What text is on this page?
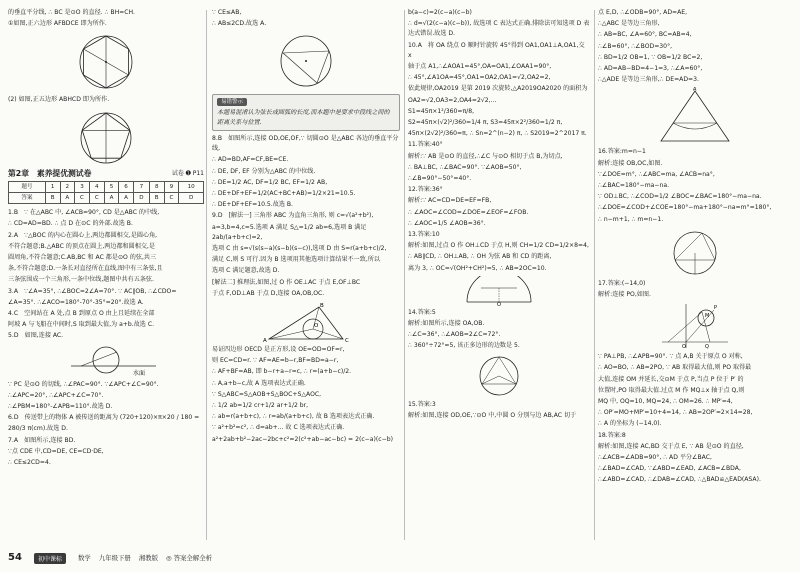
的垂直平分线, ∴ BC 是⊙O 的直径. ∴ BH=CH.

①如图,正六边形 AFBDCE 即为所作.

(2) 如图,正五边形 ABHCD 即为所作.

第2章　素养提优测试卷	试卷 ➊ P11
题号	1	2	3	4	5	6	7	8	9	10
答案	B	A	C	C	A	A	D	B	C	D

1.B　∵ 在△ABC 中, ∠ACB=90°, CD 是△ABC 的中线,

∴ CD=AD=BD. ∴ 点 D 在⊙C 的外部.故选 B.

2.A　∵△BOC 的内心在圆心上,两边都圆相交,是圆心角,

不符合题意;B.△ABC 的顶点在圆上,两边都和圆相交,是

圆周角,不符合题意;C.AB,BC 和 AC 都是⊙O 的弦,共三

条,不符合题意;D.一条长对直径所在直线,图中有三条弦,且

三条弦围成一个三角形,一条中位线,题图中共有五条弦.

3.A　∵∠A=35°, ∴∠BOC=2∠A=70°. ∵ AC∥OB, ∴∠CDO=

∠A=35°. ∴∠ACO=180°-70°-35°=20°.故选 A.

4.C　空间站在 A 处,点 B 到原点 O 由上且延续在全部

阿坡 A 与飞船在中间时,S 取到最大值,为 a+b.故选 C.

5.D　如图,连接 AC.

水面

∵ PC 是⊙O 的切线, ∴∠PAC=90°. ∵∠APC+∠C=90°.

∴∠APC=20°, ∴∠APC+∠C=70°.

∴∠PBM=180°-∠APB=110°.故选 D.

6.D　传送带上的物体 A 被传送的距离为 (720+120)×π×20 / 180 =

280/3 π(cm).故选 D.

7.A　如图所示,连接 BD.

∵点 CDE 中,CD=DE, CE=CD·DE,

∴ CE≤2CD=4.

∵ CE≤AB,

∴ AB≤2CD.故选 A.

易错警示
本题易混淆认为弦长或圆弧的长度,而本题中是要求中段线之间的距离关系与位置.

8.B　如图所示,连接 OD,OE,OF,∵ 切圆⊙O 是△ABC 各边的垂直平分线,

∴ AD=BD,AF=CF,BE=CE.

∴ DE, DF, EF 分别为△ABC 的中位线.

∴ DE=1/2 AC, DF=1/2 BC, EF=1/2 AB,

∴ DE+DF+EF=1/2(AC+BC+AB)=1/2×21=10.5.

∴ DE+DF+EF=10.5.故选 B.

9.D　[解法一] 三角形 ABC 为直角三角形, 则 c=√(a²+b²),

a=3,b=4,c=5.选项 A 满足 S△=1/2 ab=6,选项 B 满足 2ab/(a+b+c)=2,

选项 C 由 s=√(s(s−a)(s−b)(s−c)),选项 D 由 S=r(a+b+c)/2,

满足 C,则 S 可行.因为 B 选项用其他选项计算结果不一致,所以

选项 C 满足题意,故选 D.

[解法二] 推理法,如图,过 O 作 OE⊥AC 于点 E,OF⊥BC

于点 F,OD⊥AB 于点 D,连接 OA,OB,OC.

A	C
B
O

易证四边形 OECD 是正方形,设 OE=OD=OF=r,

则 EC=CD=r. ∵ AF=AE=b−r,BF=BD=a−r,

∴ AF+BF=AB, 即 b−r+a−r=c, ∴ r=(a+b−c)/2.

∴ A,a+b−c,故 A 选项表达式正确.

∵ S△ABC=S△AOB+S△BOC+S△AOC,

∴ 1/2 ab=1/2 cr+1/2 ar+1/2 br,

∴ ab=r(a+b+c), ∴ r=ab/(a+b+c), 故 B 选项表达式正确.

∵ a²+b²=c², ∴ d=ab+... 故 C 选项表达式正确.

a²+2ab+b²−2ac−2bc+c²=2(c²+ab−ac−bc) = 2(c−a)(c−b)

b(a−c)=2(c−a)(c−b)

∴ d=√(2(c−a)(c−b)), 故选项 C 表达式正确.排除法可知选项 D 表达式错误.故选 D.

10.A　将 OA 绕点 O 顺时针旋转 45°得到 OA1,OA1⊥A,OA1,交 x

轴于点 A1,∴∠AOA1=45°,OA=OA1,∠OAA1=90°,

∴ 45°,∠A1OA=45°,OA1=OA2,OA1=√2,OA2=2,

依此规律,OA2019 是第 2019 次旋转,△A2019OA2020 的面积为

OA2=√2,OA3=2,OA4=2√2,...

S1=45π×1²/360=π/8,

S2=45π×(√2)²/360=1/4 π, S3=45π×2²/360=1/2 π,

45π×(2√2)²/360=π, ∴ Sn=2^(n−2) π, ∴ S2019=2^2017 π.

11.答案:40°

解析:∵ AB 是⊙O 的直径,∴∠C 与⊙O 相切于点 B,为切点,

∴ BA⊥BC, ∴∠BAC=90°. ∵∠AOB=50°,

∴∠B=90°−50°=40°.

12.答案:36°

解析:∵ AC=CD=DE=EF=FB,

∴ ∠AOC=∠COD=∠DOE=∠EOF=∠FOB.

∴ ∠AOC=1/5 ∠AOB=36°.

13.答案:10

解析:如图,过点 O 作 OH⊥CD 于点 H,则 CH=1/2 CD=1/2×8=4,

∴ AB∥CD, ∴ OH⊥AB, ∴ OH 为弦 AB 和 CD 的距离,

离为 3, ∴ OC=√(OH²+CH²)=5, ∴ AB=2OC=10.

O

14.答案:5

解析:如图所示,连接 OA,OB.

∴∠C=36°, ∴∠AOB=2∠C=72°.

∴ 360°÷72°=5, 该正多边形的边数是 5.

15.答案:3

解析:如图,连接 OD,OE,∵⊙O 中,中圆 O 分别与边 AB,AC 切于

点 E,D, ∴∠ODB=90°, AD=AE,

∴△ABC 是等边三角形,

∴ AB=BC, ∠A=60°, BC=AB=4,

∴∠B=60°, ∴∠BOD=30°,

∴ BD=1/2 OB=1, ∵ OB=1/2 BC=2,

∴ AD=AB−BD=4−1=3, ∴∠A=60°,

∴△ADE 是等边三角形,∴ DE=AD=3.

A

16.答案:m=n−1

解析:连接 OB,OC,如图.

∵∠DOE=m°, ∴∠ABC=ma, ∠ACB=na°,

∴∠BAC=180°−ma−na.

∵ OD⊥BC, ∴∠COD=1/2 ∠BOC=∠BAC=180°−ma−na.

∴∠DOE=∠COD+∠COE=180°−ma+180°−na=m°=180°,

∴ n−m+1, ∴ m=n−1.

17.答案:(−14,0)

解析:连接 PO,如图.

M
P
O	Q

∵ PA⊥PB, ∴∠APB=90°. ∵ 点 A,B 关于原点 O 对称,

∴ AO=BO, ∴ AB=2PO, ∵ AB 取得最大值,则 PO 取得最

大值,连接 OM 并延长,交⊙M 于点 P,当点 P 位于 P′ 的

位置时,PO 取得最大值.过点 M 作 MQ⊥x 轴于点 Q,则

MQ 中, OQ=10, MQ=24, ∴ OM=26. ∴ MP′=4,

∴ OP′=MO+MP′=10+4=14, ∴ AB=2OP′=2×14=28,

∴ A 的坐标为 (−14,0).

18.答案:8

解析:如图,连接 AC,BD 交于点 E, ∵ AB 是⊙O 的直径,

∴∠ACB=∠ADB=90°, ∴ AD 平分∠BAC,

∴∠BAD=∠CAD, ∵∠ABD=∠EAD, ∠ACB=∠BDA,

∴∠ABD=∠CAD, ∴∠DAB=∠CAD, ∴△BAD≌△EAD(ASA).

54	初中课标	数学 九年级下册 湘教版 ◎ 答案全解全析
